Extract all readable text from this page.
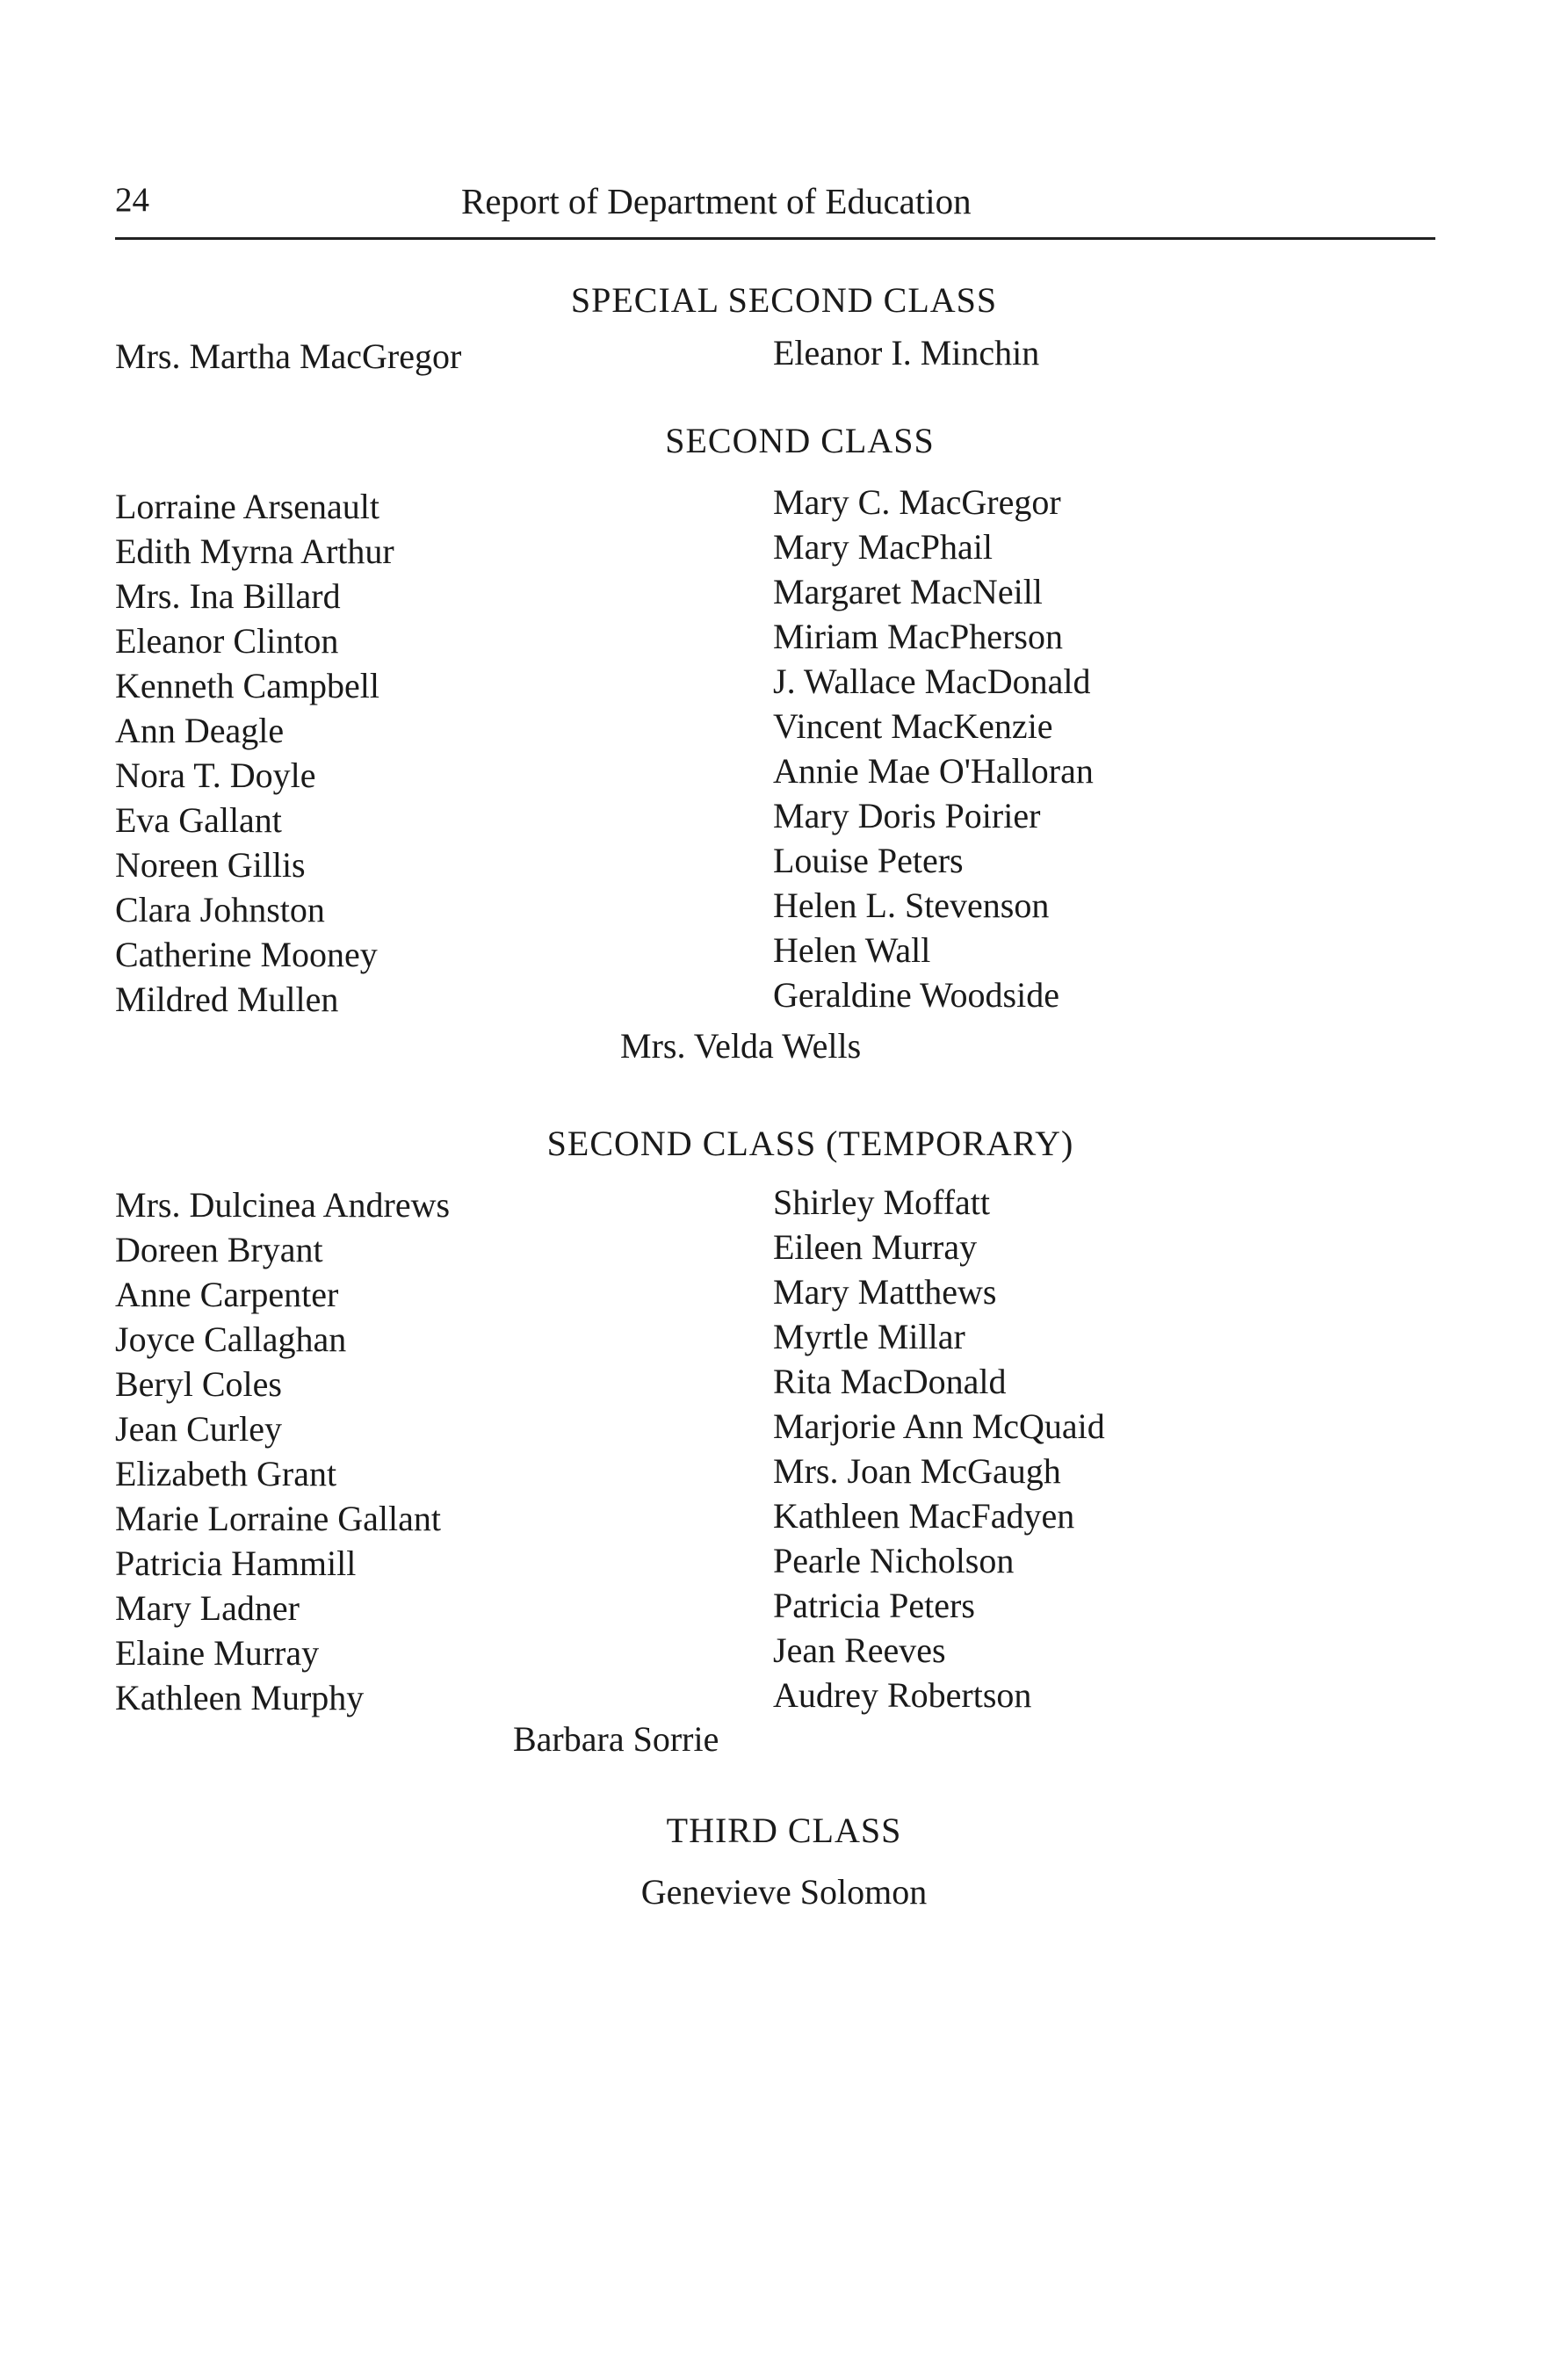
24	Report of Department of Education
SPECIAL SECOND CLASS
Mrs. Martha MacGregor	Eleanor I. Minchin
SECOND CLASS
Lorraine Arsenault
Edith Myrna Arthur
Mrs. Ina Billard
Eleanor Clinton
Kenneth Campbell
Ann Deagle
Nora T. Doyle
Eva Gallant
Noreen Gillis
Clara Johnston
Catherine Mooney
Mildred Mullen
Mary C. MacGregor
Mary MacPhail
Margaret MacNeill
Miriam MacPherson
J. Wallace MacDonald
Vincent MacKenzie
Annie Mae O'Halloran
Mary Doris Poirier
Louise Peters
Helen L. Stevenson
Helen Wall
Geraldine Woodside
Mrs. Velda Wells
SECOND CLASS (TEMPORARY)
Mrs. Dulcinea Andrews
Doreen Bryant
Anne Carpenter
Joyce Callaghan
Beryl Coles
Jean Curley
Elizabeth Grant
Marie Lorraine Gallant
Patricia Hammill
Mary Ladner
Elaine Murray
Kathleen Murphy
Shirley Moffatt
Eileen Murray
Mary Matthews
Myrtle Millar
Rita MacDonald
Marjorie Ann McQuaid
Mrs. Joan McGaugh
Kathleen MacFadyen
Pearle Nicholson
Patricia Peters
Jean Reeves
Audrey Robertson
Barbara Sorrie
THIRD CLASS
Genevieve Solomon
